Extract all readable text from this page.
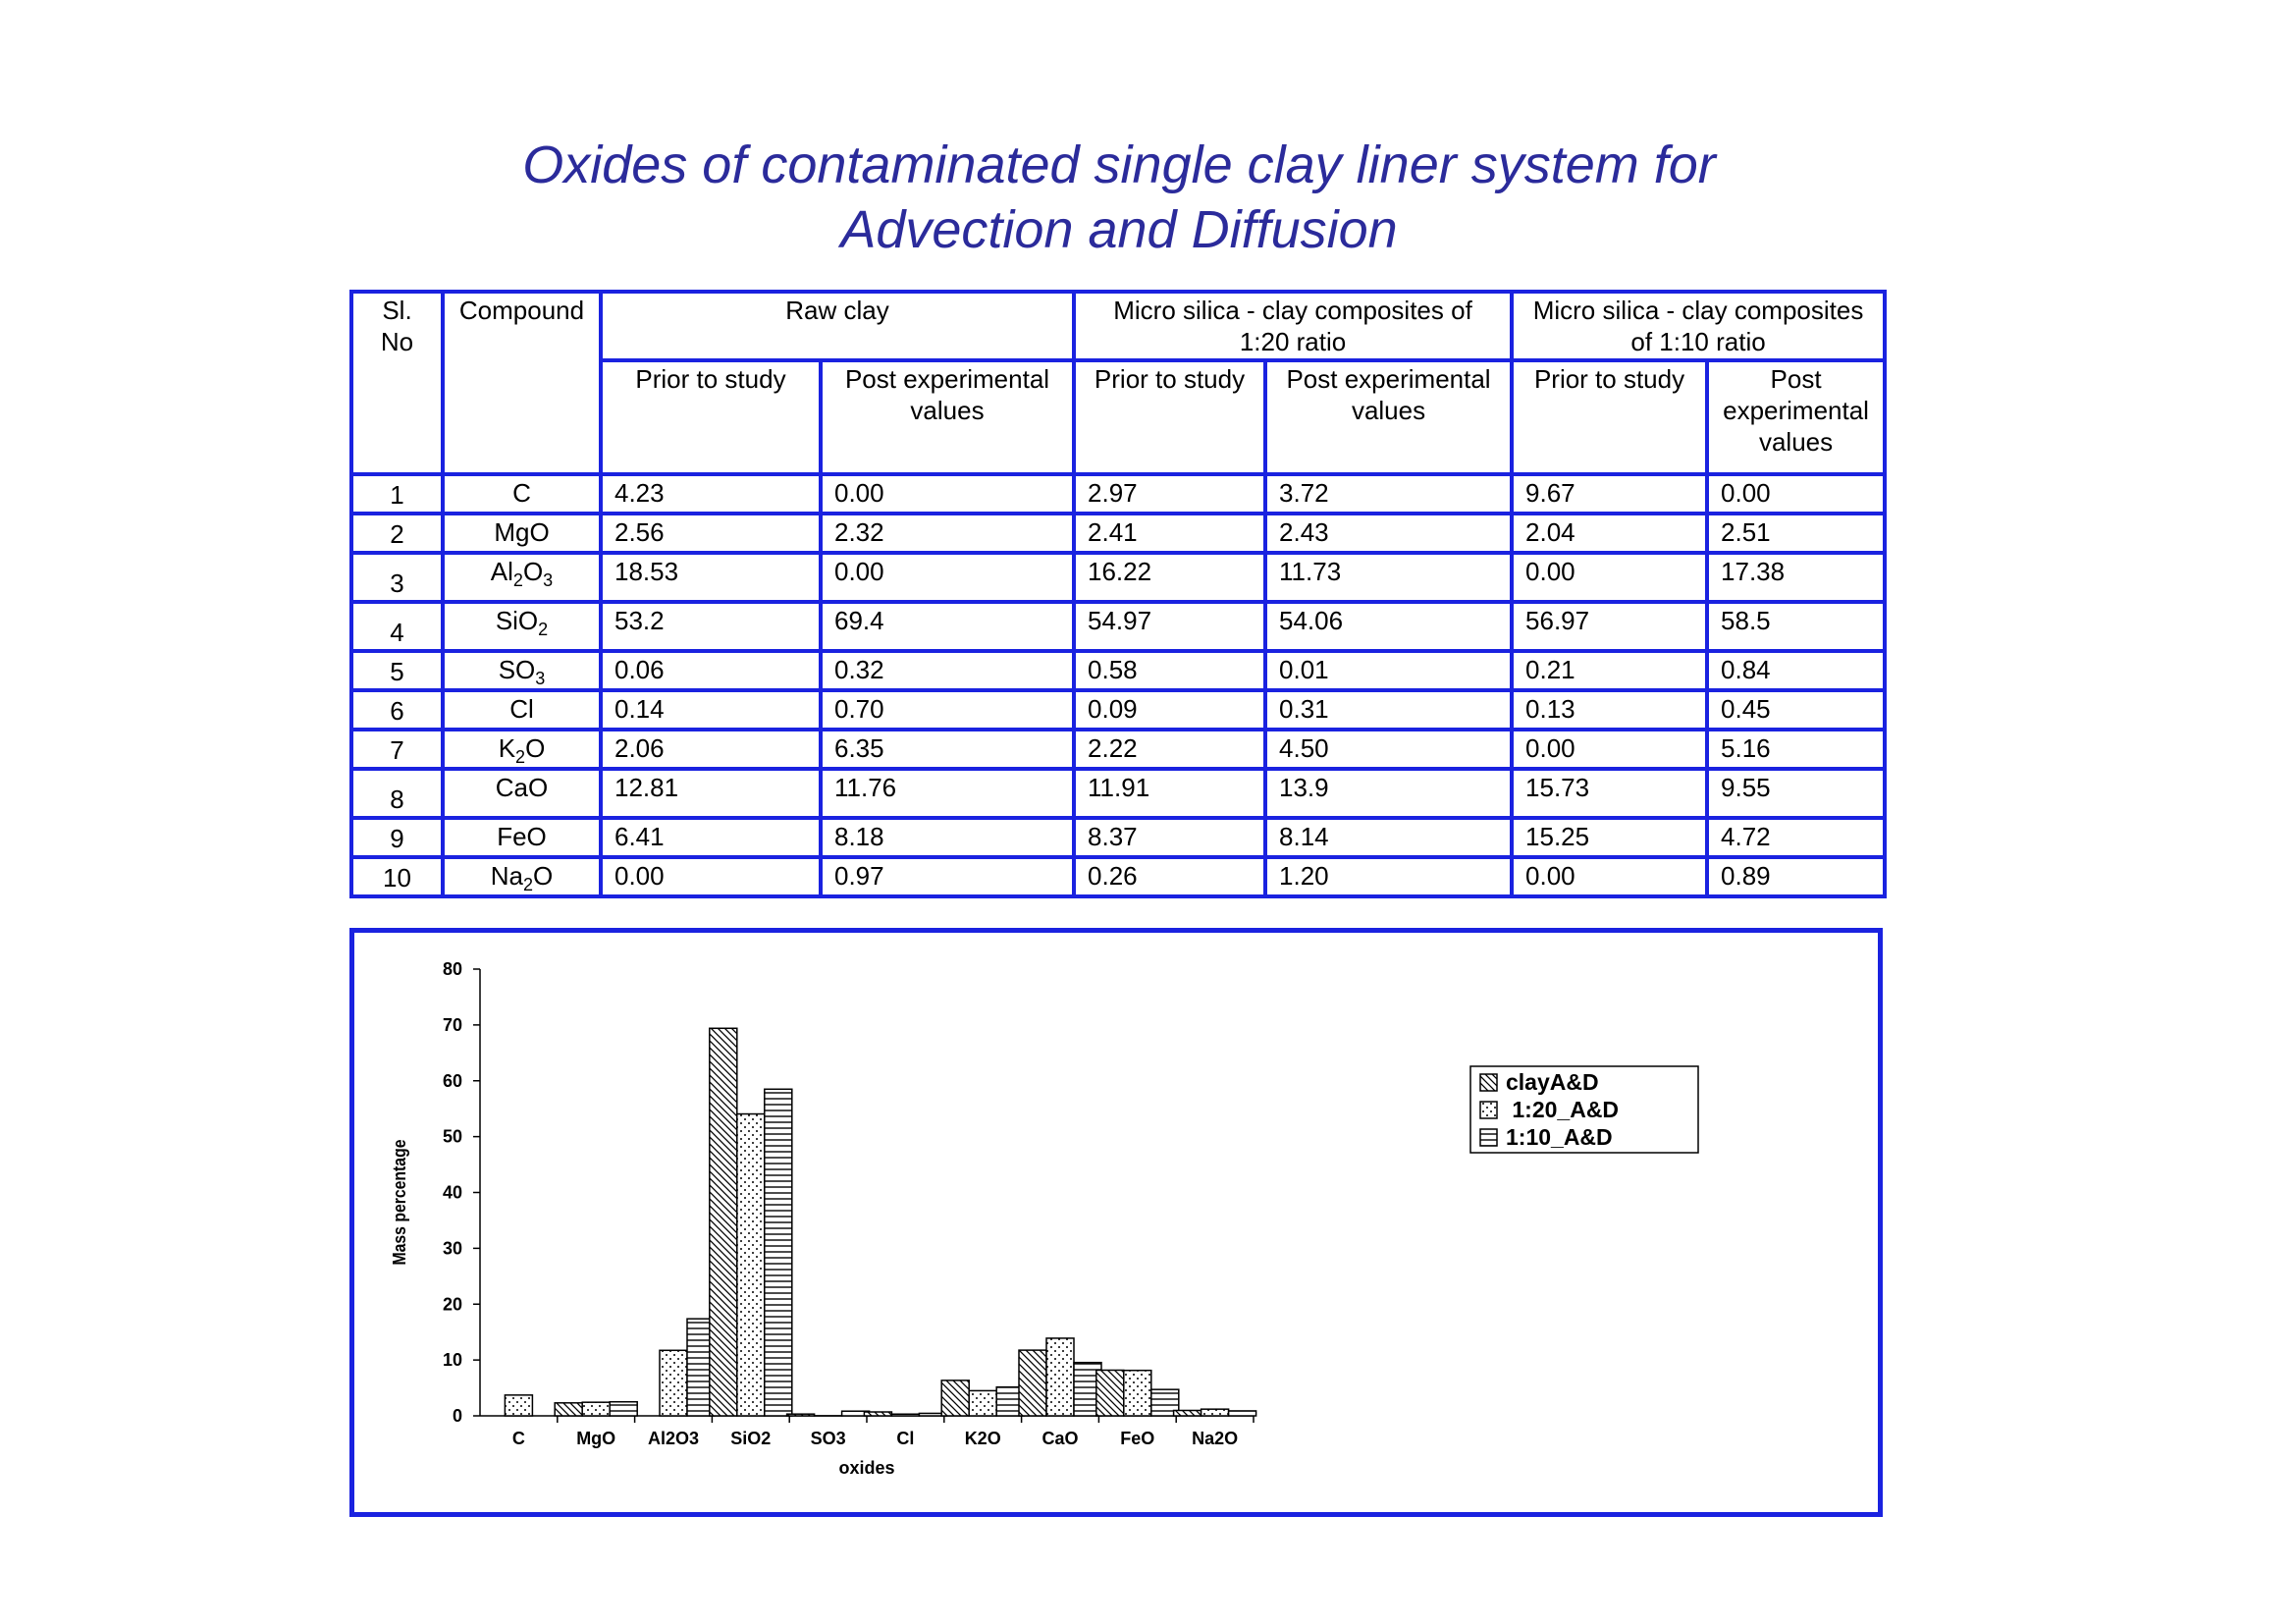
Oxides of contaminated single clay liner system for
Advection and Diffusion
Sl. No	Compound	Raw clay		Micro silica - clay composites of 1:20 ratio		Micro silica - clay composites of 1:10 ratio	
		Prior to study	Post experimental values	Prior to study	Post experimental values	Prior to study	Post experimental values
1	C	4.23	0.00	2.97	3.72	9.67	0.00
2	MgO	2.56	2.32	2.41	2.43	2.04	2.51
3	$Al_2O_3$	18.53	0.00	16.22	11.73	0.00	17.38
4	SiO$_2$	53.2	69.4	54.97	54.06	56.97	58.5
5	$SO_3$	0.06	0.32	0.58	0.01	0.21	0.84
6	Cl	0.14	0.70	0.09	0.31	0.13	0.45
7	$K_2O$	2.06	6.35	2.22	4.50	0.00	5.16
8	CaO	12.81	11.76	11.91	13.9	15.73	9.55
9	FeO	6.41	8.18	8.37	8.14	15.25	4.72
10	$Na_2O$	0.00	0.97	0.26	1.20	0.00	0.89
0
10
20
30
40
50
60
70
80
C	MgO Al2O3 SiO2 SO3	Cl	K2O CaO FeO Na2O
oxides
Mass percentage
clayA&D
1:20_A&D
1:10_A&D
